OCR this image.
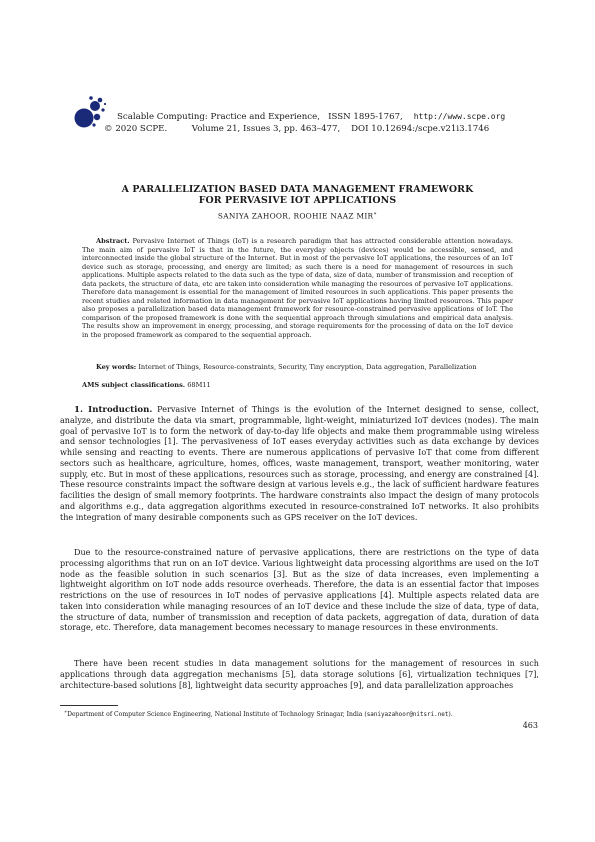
Scalable Computing: Practice and Experience, ISSN 1895-1767, http://www.scpe.org
© 2020 SCPE.	Volume 21, Issues 3, pp. 463–477, DOI 10.12694:/scpe.v21i3.1746
A PARALLELIZATION BASED DATA MANAGEMENT FRAMEWORK
FOR PERVASIVE IOT APPLICATIONS
SANIYA ZAHOOR, ROOHIE NAAZ MIR∗
Abstract. Pervasive Internet of Things (IoT) is a research paradigm that has attracted considerable attention nowadays. The main aim of pervasive IoT is that in the future, the everyday objects (devices) would be accessible, sensed, and interconnected inside the global structure of the Internet. But in most of the pervasive IoT applications, the resources of an IoT device such as storage, processing, and energy are limited; as such there is a need for management of resources in such applications. Multiple aspects related to the data such as the type of data, size of data, number of transmission and reception of data packets, the structure of data, etc are taken into consideration while managing the resources of pervasive IoT applications. Therefore data management is essential for the management of limited resources in such applications. This paper presents the recent studies and related information in data management for pervasive IoT applications having limited resources. This paper also proposes a parallelization based data management framework for resource-constrained pervasive applications of IoT. The comparison of the proposed framework is done with the sequential approach through simulations and empirical data analysis. The results show an improvement in energy, processing, and storage requirements for the processing of data on the IoT device in the proposed framework as compared to the sequential approach.
Key words: Internet of Things, Resource-constraints, Security, Tiny encryption, Data aggregation, Parallelization
AMS subject classifications. 68M11

1. Introduction. Pervasive Internet of Things is the evolution of the Internet designed to sense, collect, analyze, and distribute the data via smart, programmable, light-weight, miniaturized IoT devices (nodes). The main goal of pervasive IoT is to form the network of day-to-day life objects and make them programmable using wireless and sensor technologies [1]. The pervasiveness of IoT eases everyday activities such as data exchange by devices while sensing and reacting to events. There are numerous applications of pervasive IoT that come from different sectors such as healthcare, agriculture, homes, offices, waste management, transport, weather monitoring, water supply, etc. But in most of these applications, resources such as storage, processing, and energy are constrained [4]. These resource constraints impact the software design at various levels e.g., the lack of sufficient hardware features facilities the design of small memory footprints. The hardware constraints also impact the design of many protocols and algorithms e.g., data aggregation algorithms executed in resource-constrained IoT networks. It also prohibits the integration of many desirable components such as GPS receiver on the IoT devices.

Due to the resource-constrained nature of pervasive applications, there are restrictions on the type of data processing algorithms that run on an IoT device. Various lightweight data processing algorithms are used on the IoT node as the feasible solution in such scenarios [3]. But as the size of data increases, even implementing a lightweight algorithm on IoT node adds resource overheads. Therefore, the data is an essential factor that imposes restrictions on the use of resources in IoT nodes of pervasive applications [4]. Multiple aspects related data are taken into consideration while managing resources of an IoT device and these include the size of data, type of data, the structure of data, number of transmission and reception of data packets, aggregation of data, duration of data storage, etc. Therefore, data management becomes necessary to manage resources in these environments.

There have been recent studies in data management solutions for the management of resources in such applications through data aggregation mechanisms [5], data storage solutions [6], virtualization techniques [7], architecture-based solutions [8], lightweight data security approaches [9], and data parallelization approaches

∗Department of Computer Science Engineering, National Institute of Technology Srinagar, India (saniyazahoor@nitsri.net).
463
